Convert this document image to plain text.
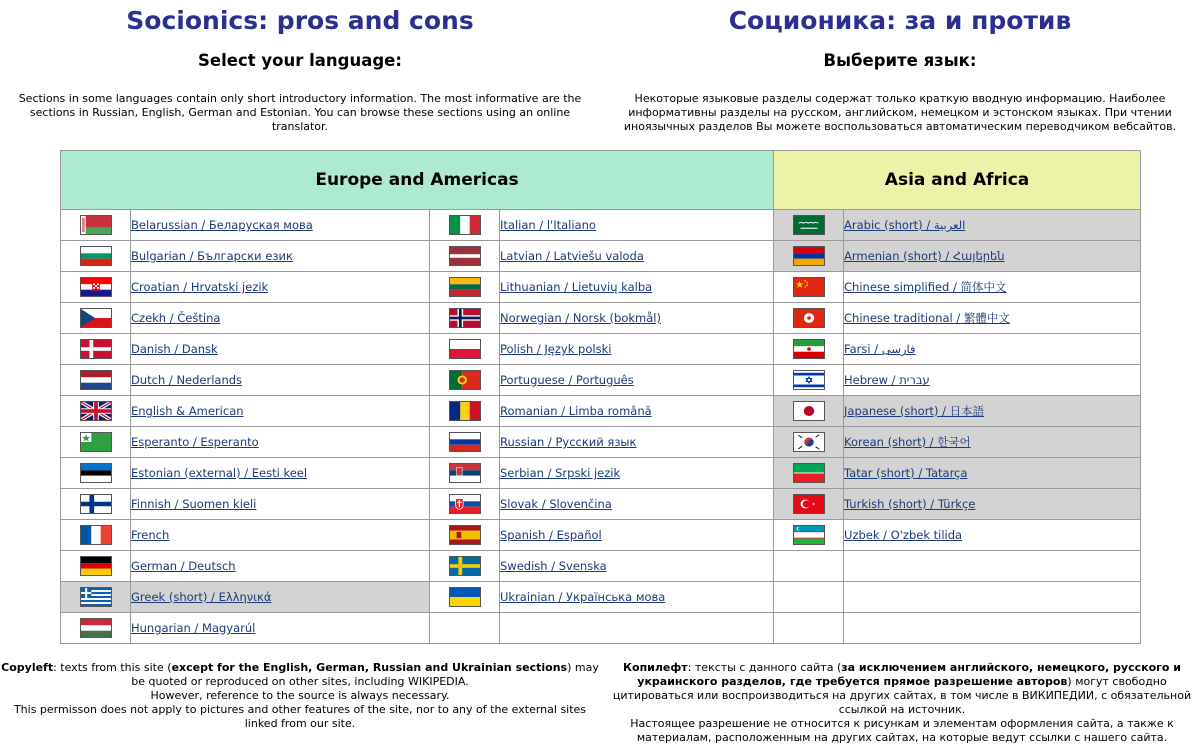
Socionics: pros and cons
Select your language:

Sections in some languages contain only short introductory information. The most informative are the sections in Russian, English, German and Estonian. You can browse these sections using an online translator.

Соционика: за и против
Выберите язык:

Некоторые языковые разделы содержат только краткую вводную информацию. Наиболее информативны разделы на русском, английском, немецком и эстонском языках. При чтении иноязычных разделов Вы можете воспользоваться автоматическим переводчиком вебсайтов.

Europe and Americas				Asia and Africa	

	Belarussian / Беларуская мова		Italian / l'Italiano		Arabic (short) / العربية

	Bulgarian / Български език		Latvian / Latviešu valoda		Armenian (short) / Հայերեն

	Croatian / Hrvatski jezik		Lithuanian / Lietuvių kalba		Chinese simplified / 简体中文

	Czekh / Čeština		Norwegian / Norsk (bokmål)		Chinese traditional / 繁體中文

	Danish / Dansk		Polish / Język polski		Farsi / فارسی

	Dutch / Nederlands		Portuguese / Português		Hebrew / עברית

	English & American		Romanian / Limba română		Japanese (short) / 日本語

	Esperanto / Esperanto		Russian / Русский язык		Korean (short) / 한국어

	Estonian (external) / Eesti keel		Serbian / Srpski jezik		Tatar (short) / Tatarça

	Finnish / Suomen kieli		Slovak / Slovenčina		Turkish (short) / Türkçe

	French		Spanish / Español		Uzbek / O'zbek tilida

	German / Deutsch		Swedish / Svenska		

	Greek (short) / Ελληνικά		Ukrainian / Українська мова		

	Hungarian / Magyarúl				

Copyleft: texts from this site (except for the English, German, Russian and Ukrainian sections) may be quoted or reproduced on other sites, including WIKIPEDIA.

However, reference to the source is always necessary.

This permisson does not apply to pictures and other features of the site, nor to any of the external sites linked from our site.

Копилефт: тексты с данного сайта (за исключением английского, немецкого, русского и украинского разделов, где требуется прямое разрешение авторов) могут свободно цитироваться или воспроизводиться на других сайтах, в том числе в ВИКИПЕДИИ, с обязательной ссылкой на источник.

Настоящее разрешение не относится к рисункам и элементам оформления сайта, а также к материалам, расположенным на других сайтах, на которые ведут ссылки с нашего сайта.
